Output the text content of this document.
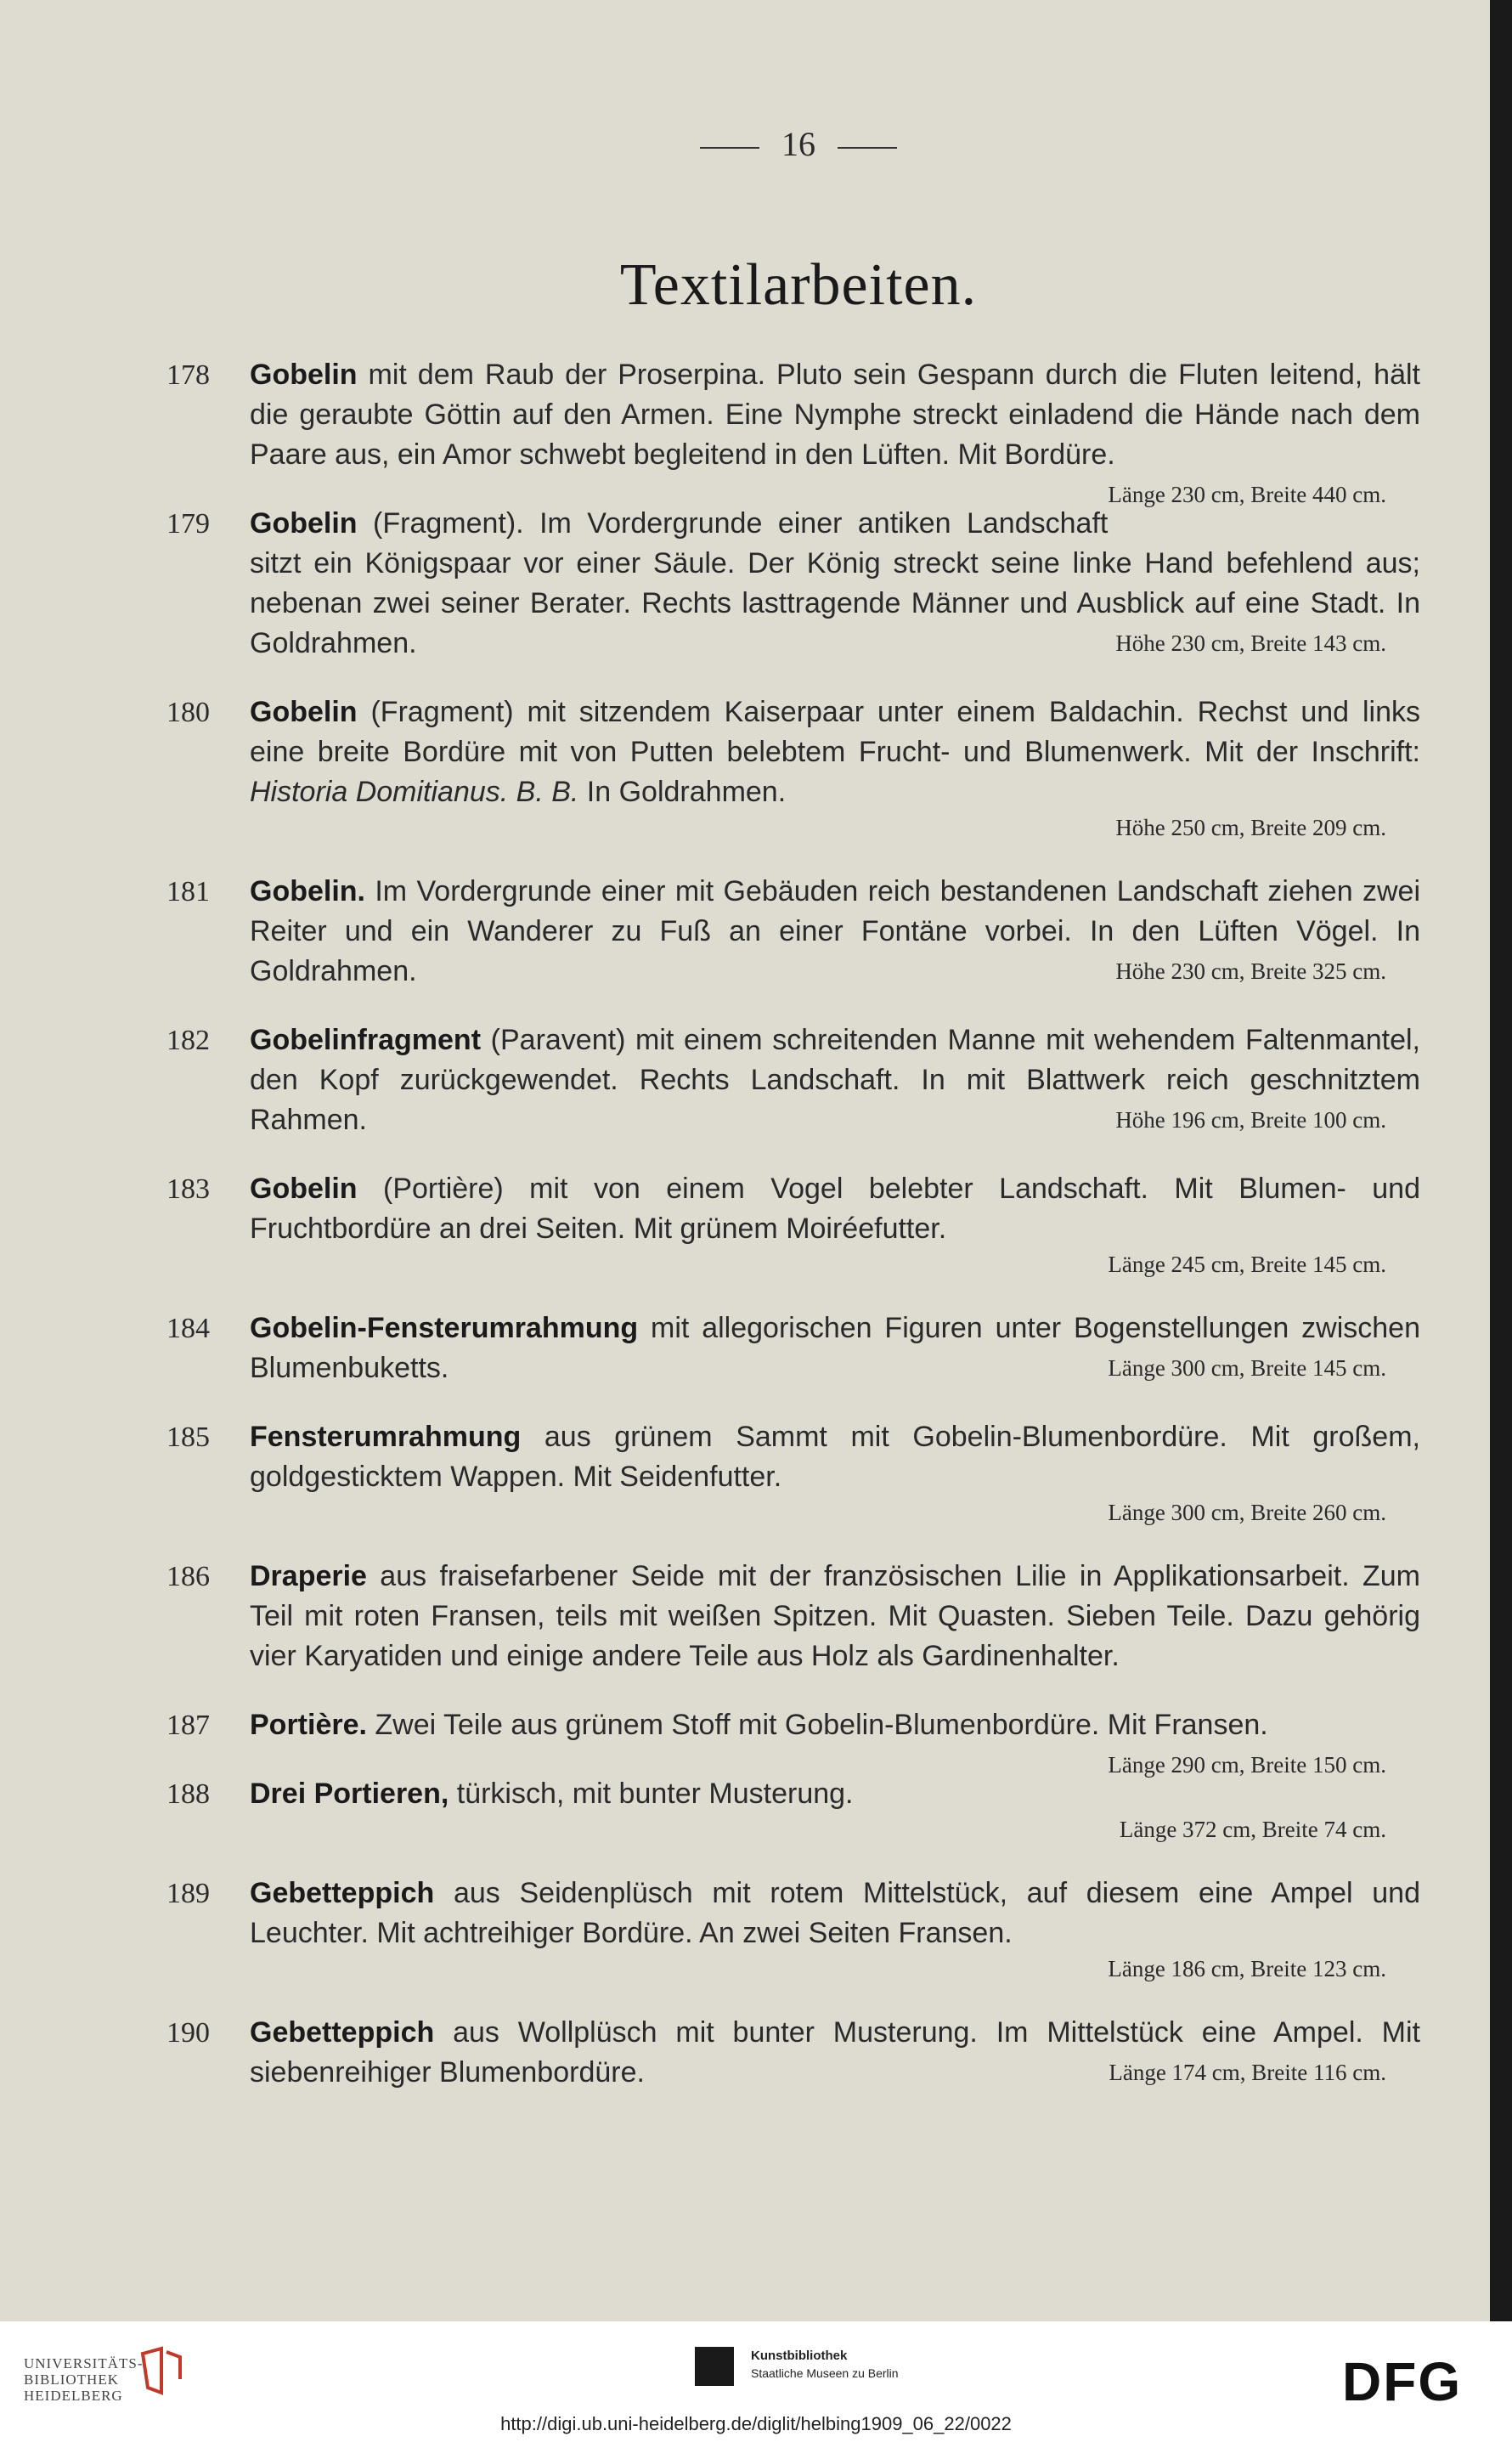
16
Textilarbeiten.
178 Gobelin mit dem Raub der Proserpina. Pluto sein Gespann durch die Fluten leitend, hält die geraubte Göttin auf den Armen. Eine Nymphe streckt einladend die Hände nach dem Paare aus, ein Amor schwebt begleitend in den Lüften. Mit Bordüre.
Länge 230 cm, Breite 440 cm.
179 Gobelin (Fragment). Im Vordergrunde einer antiken Landschaft sitzt ein Königspaar vor einer Säule. Der König streckt seine linke Hand befehlend aus; nebenan zwei seiner Berater. Rechts lasttragende Männer und Ausblick auf eine Stadt. In Goldrahmen.	Höhe 230 cm, Breite 143 cm.
180 Gobelin (Fragment) mit sitzendem Kaiserpaar unter einem Baldachin. Rechst und links eine breite Bordüre mit von Putten belebtem Frucht- und Blumenwerk. Mit der Inschrift: Historia Domitianus. B. B. In Goldrahmen.
Höhe 250 cm, Breite 209 cm.
181 Gobelin. Im Vordergrunde einer mit Gebäuden reich bestandenen Landschaft ziehen zwei Reiter und ein Wanderer zu Fuß an einer Fontäne vorbei. In den Lüften Vögel. In Goldrahmen.	Höhe 230 cm, Breite 325 cm.
182 Gobelinfragment (Paravent) mit einem schreitenden Manne mit wehendem Faltenmantel, den Kopf zurückgewendet. Rechts Landschaft. In mit Blattwerk reich geschnitztem Rahmen.	Höhe 196 cm, Breite 100 cm.
183 Gobelin (Portière) mit von einem Vogel belebter Landschaft. Mit Blumen- und Fruchtbordüre an drei Seiten. Mit grünem Moiréefutter.
Länge 245 cm, Breite 145 cm.
184 Gobelin-Fensterumrahmung mit allegorischen Figuren unter Bogenstellungen zwischen Blumenbuketts.	Länge 300 cm, Breite 145 cm.
185 Fensterumrahmung aus grünem Sammt mit Gobelin-Blumenbordüre. Mit großem, goldgesticktem Wappen. Mit Seidenfutter.
Länge 300 cm, Breite 260 cm.
186 Draperie aus fraisefarbener Seide mit der französischen Lilie in Applikationsarbeit. Zum Teil mit roten Fransen, teils mit weißen Spitzen. Mit Quasten. Sieben Teile. Dazu gehörig vier Karyatiden und einige andere Teile aus Holz als Gardinenhalter.
187 Portière. Zwei Teile aus grünem Stoff mit Gobelin-Blumenbordüre. Mit Fransen.
Länge 290 cm, Breite 150 cm.
188 Drei Portieren, türkisch, mit bunter Musterung.
Länge 372 cm, Breite 74 cm.
189 Gebetteppich aus Seidenplüsch mit rotem Mittelstück, auf diesem eine Ampel und Leuchter. Mit achtreihiger Bordüre. An zwei Seiten Fransen.
Länge 186 cm, Breite 123 cm.
190 Gebetteppich aus Wollplüsch mit bunter Musterung. Im Mittelstück eine Ampel. Mit siebenreihiger Blumenbordüre.	Länge 174 cm, Breite 116 cm.
UNIVERSITÄTS-
BIBLIOTHEK
HEIDELBERG
Kunstbibliothek
Staatliche Museen zu Berlin	DFG
http://digi.ub.uni-heidelberg.de/diglit/helbing1909_06_22/0022
